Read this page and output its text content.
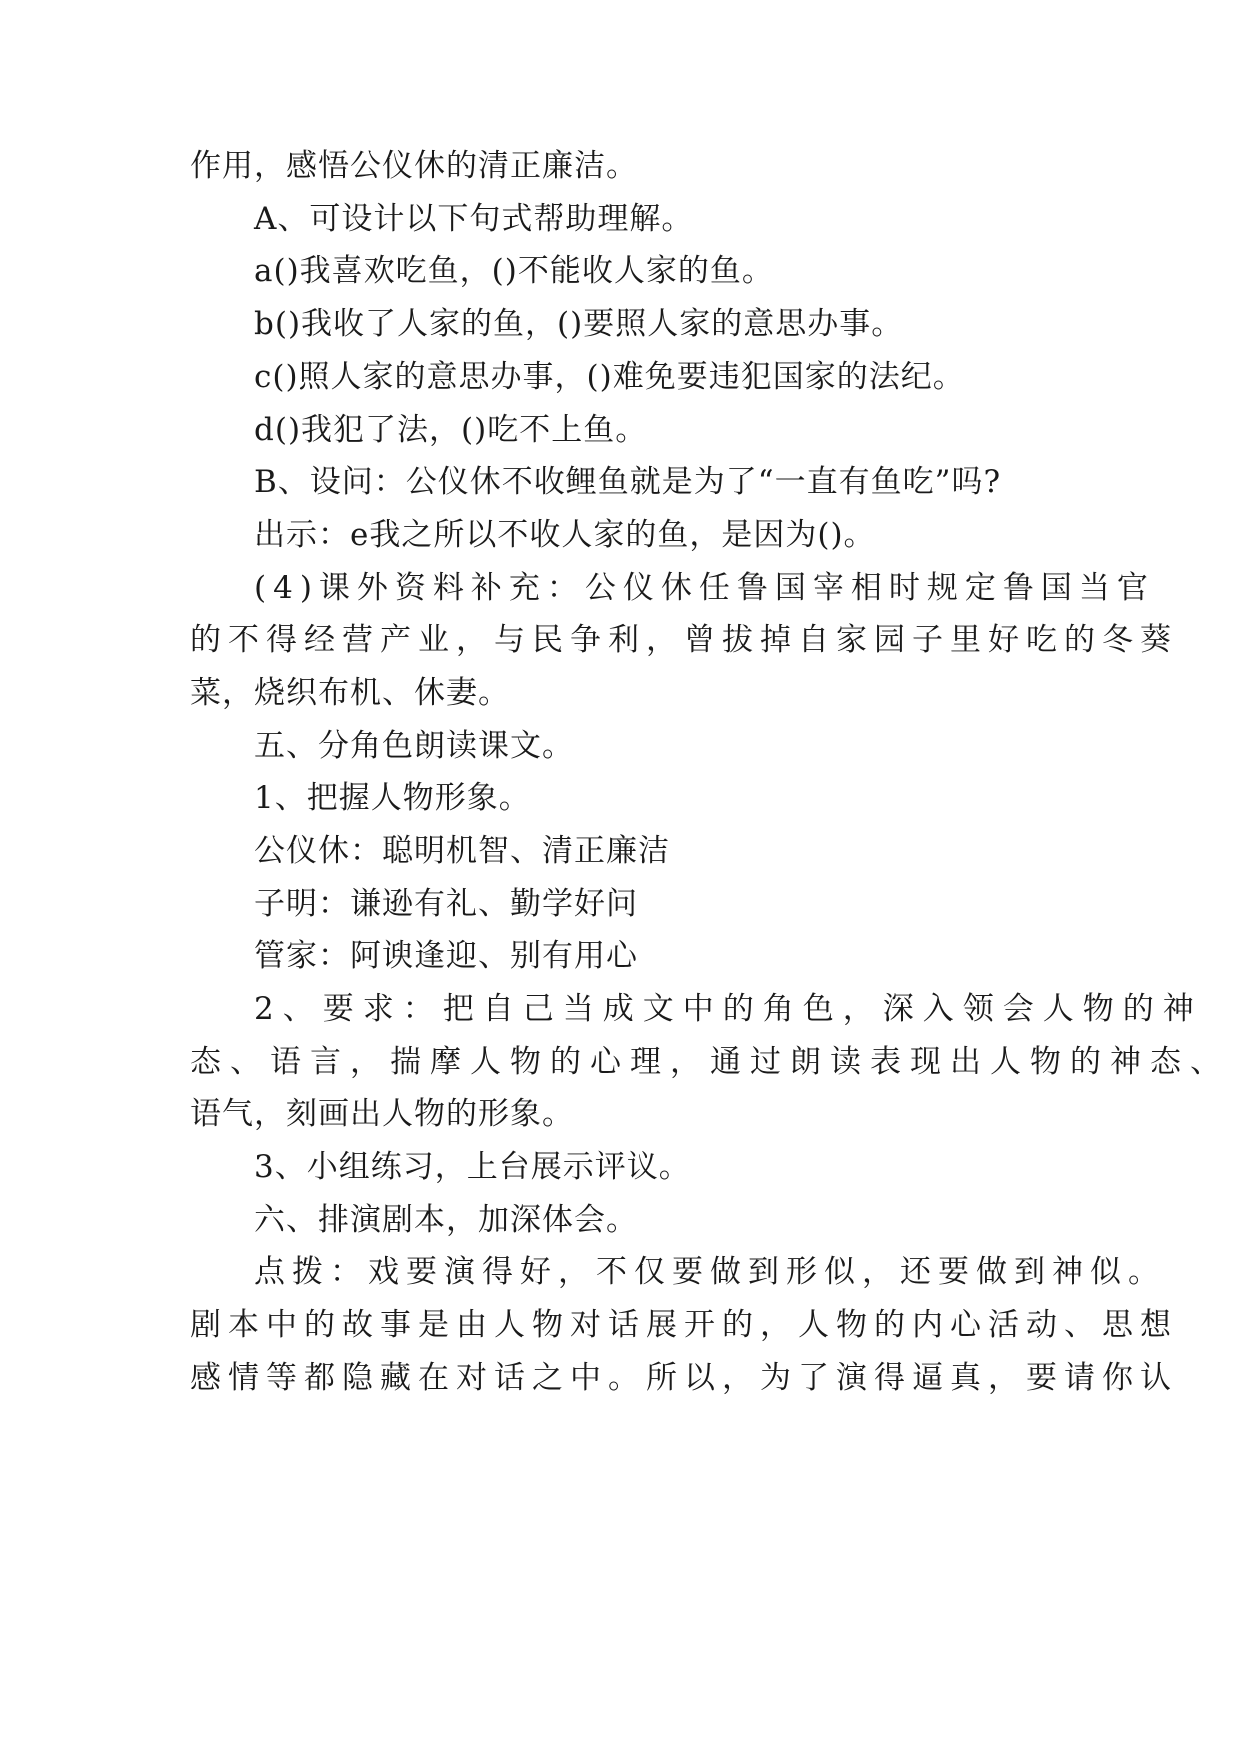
作用，感悟公仪休的清正廉洁。
A、可设计以下句式帮助理解。
a()我喜欢吃鱼，()不能收人家的鱼。
b()我收了人家的鱼，()要照人家的意思办事。
c()照人家的意思办事，()难免要违犯国家的法纪。
d()我犯了法，()吃不上鱼。
B、设问：公仪休不收鲤鱼就是为了“一直有鱼吃”吗?
出示：e我之所以不收人家的鱼，是因为()。
(4)课外资料补充：公仪休任鲁国宰相时规定鲁国当官
的不得经营产业，与民争利，曾拔掉自家园子里好吃的冬葵
菜，烧织布机、休妻。
五、分角色朗读课文。
1、把握人物形象。
公仪休：聪明机智、清正廉洁
子明：谦逊有礼、勤学好问
管家：阿谀逢迎、别有用心
2、要求：把自己当成文中的角色，深入领会人物的神
态、语言，揣摩人物的心理，通过朗读表现出人物的神态、
语气，刻画出人物的形象。
3、小组练习，上台展示评议。
六、排演剧本，加深体会。
点拨：戏要演得好，不仅要做到形似，还要做到神似。
剧本中的故事是由人物对话展开的，人物的内心活动、思想
感情等都隐藏在对话之中。所以，为了演得逼真，要请你认
